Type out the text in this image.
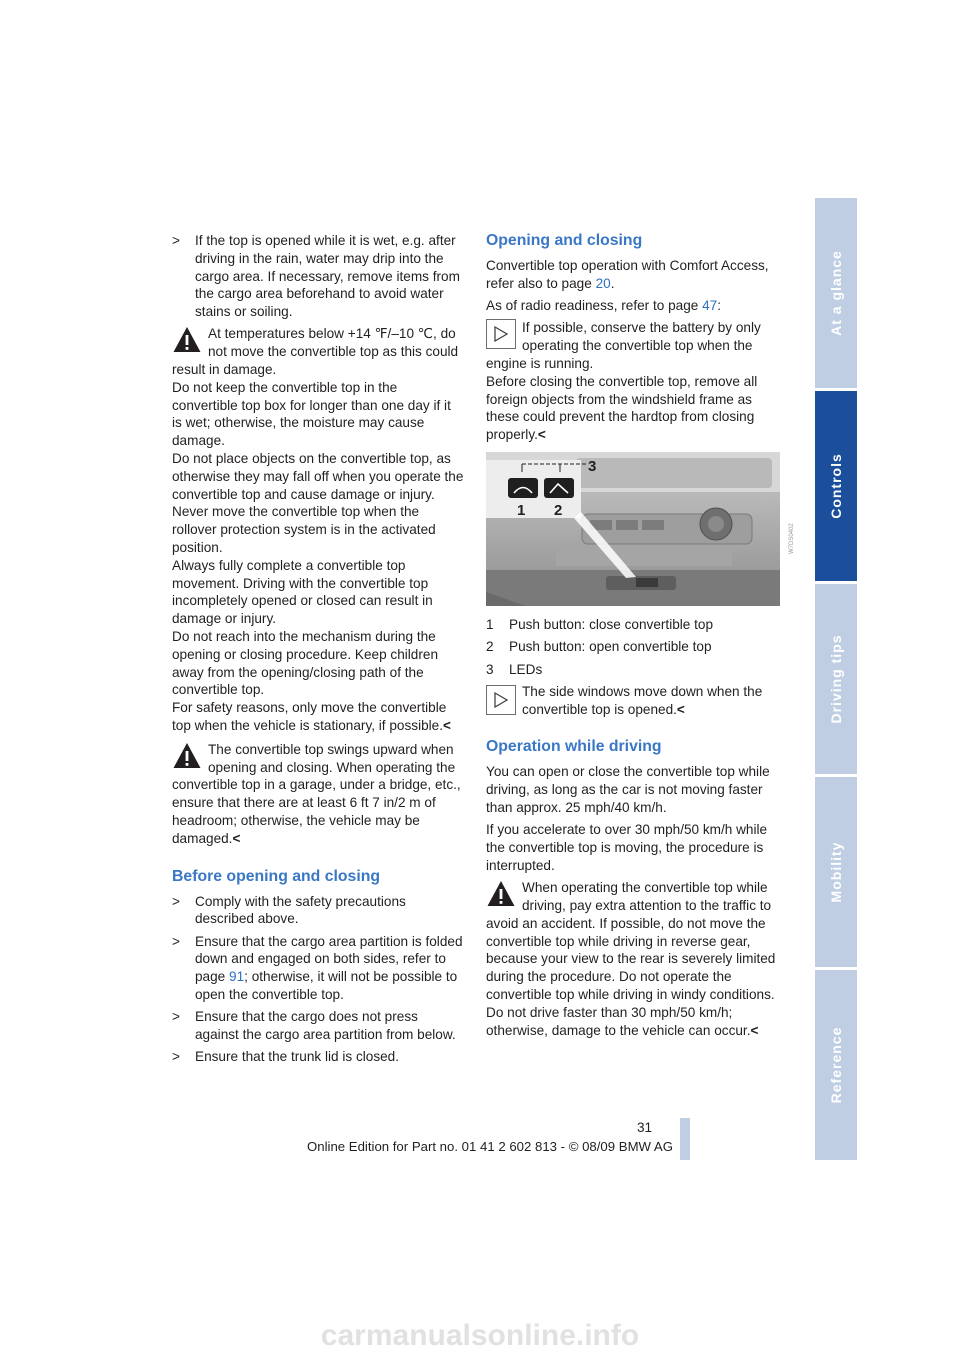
> If the top is opened while it is wet, e.g. after driving in the rain, water may drip into the cargo area. If necessary, remove items from the cargo area beforehand to avoid water stains or soiling.
At temperatures below +14 ℉/–10 ℃, do not move the convertible top as this could result in damage.
Do not keep the convertible top in the convertible top box for longer than one day if it is wet; otherwise, the moisture may cause damage.
Do not place objects on the convertible top, as otherwise they may fall off when you operate the convertible top and cause damage or injury.
Never move the convertible top when the rollover protection system is in the activated position.
Always fully complete a convertible top movement. Driving with the convertible top incompletely opened or closed can result in damage or injury.
Do not reach into the mechanism during the opening or closing procedure. Keep children away from the opening/closing path of the convertible top.
For safety reasons, only move the convertible top when the vehicle is stationary, if possible.<
The convertible top swings upward when opening and closing. When operating the convertible top in a garage, under a bridge, etc., ensure that there are at least 6 ft 7 in/2 m of headroom; otherwise, the vehicle may be damaged.<
Before opening and closing
> Comply with the safety precautions described above.
> Ensure that the cargo area partition is folded down and engaged on both sides, refer to page 91; otherwise, it will not be possible to open the convertible top.
> Ensure that the cargo does not press against the cargo area partition from below.
> Ensure that the trunk lid is closed.
Opening and closing

Convertible top operation with Comfort Access, refer also to page 20.

As of radio readiness, refer to page 47:

If possible, conserve the battery by only operating the convertible top when the engine is running.
Before closing the convertible top, remove all foreign objects from the windshield frame as these could prevent the hardtop from closing properly.<
3
1 2
W7DS0402
1 Push button: close convertible top
2 Push button: open convertible top
3 LEDs
The side windows move down when the convertible top is opened.<
Operation while driving

You can open or close the convertible top while driving, as long as the car is not moving faster than approx. 25 mph/40 km/h.

If you accelerate to over 30 mph/50 km/h while the convertible top is moving, the procedure is interrupted.

When operating the convertible top while driving, pay extra attention to the traffic to avoid an accident. If possible, do not move the convertible top while driving in reverse gear, because your view to the rear is severely limited during the procedure. Do not operate the convertible top while driving in windy conditions. Do not drive faster than 30 mph/50 km/h; otherwise, damage to the vehicle can occur.<
At a glance
Controls
Driving tips
Mobility
Reference
31
Online Edition for Part no. 01 41 2 602 813 - © 08/09 BMW AG
carmanualsonline.info
